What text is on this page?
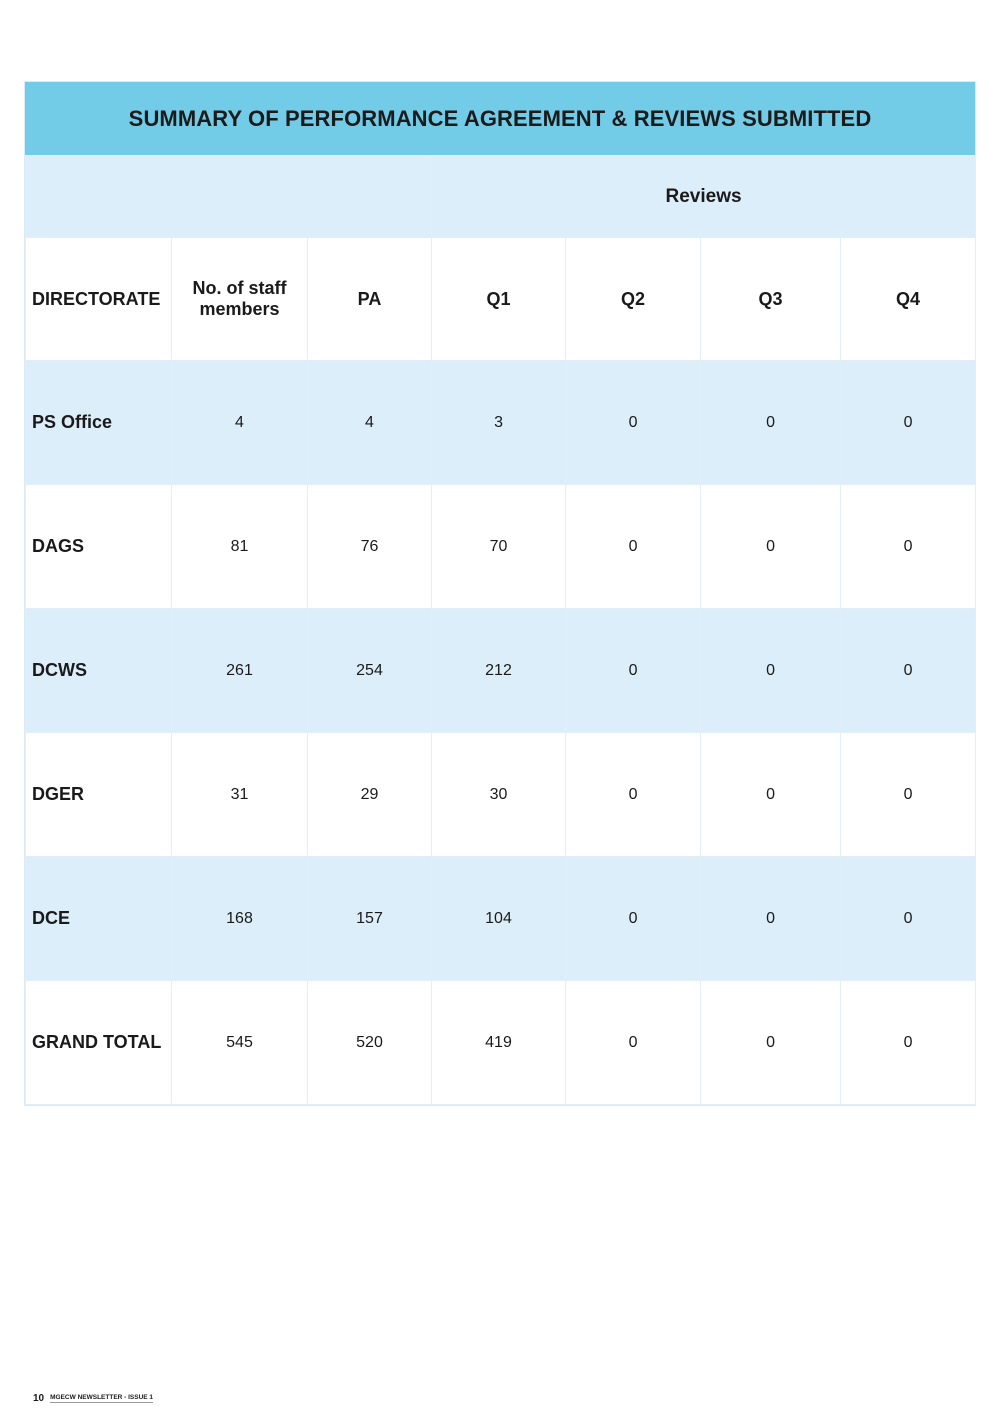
SUMMARY OF PERFORMANCE AGREEMENT & REVIEWS SUBMITTED
			Reviews			
DIRECTORATE	No. of staff members	PA	Q1	Q2	Q3	Q4
PS Office	4	4	3	0	0	0
DAGS	81	76	70	0	0	0
DCWS	261	254	212	0	0	0
DGER	31	29	30	0	0	0
DCE	168	157	104	0	0	0
GRAND TOTAL	545	520	419	0	0	0
10 MGECW NEWSLETTER - ISSUE 1
